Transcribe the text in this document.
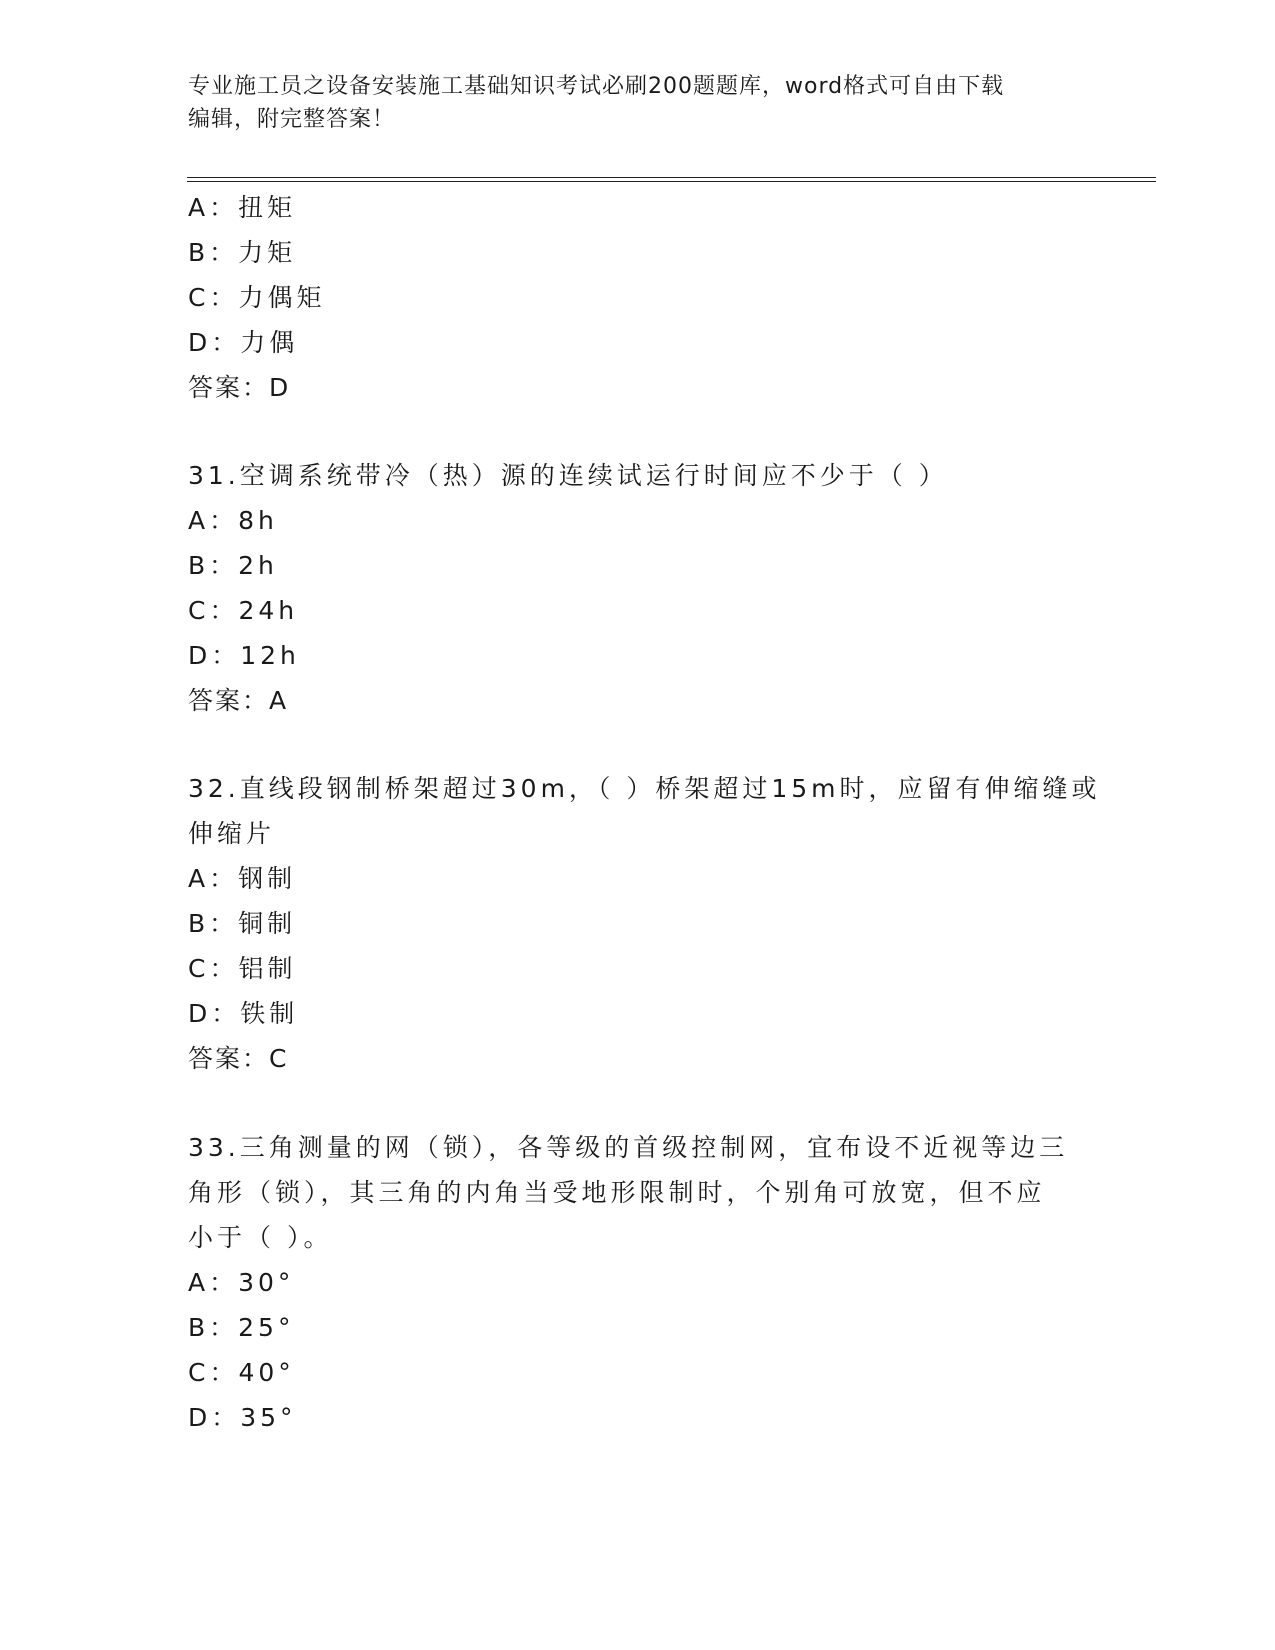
专业施工员之设备安装施工基础知识考试必刷200题题库，word格式可自由下载
编辑，附完整答案！
A：扭矩
B：力矩
C：力偶矩
D：力偶
答案：D
31.空调系统带冷（热）源的连续试运行时间应不少于（ ）
A：8h
B：2h
C：24h
D：12h
答案：A
32.直线段钢制桥架超过30m，（ ）桥架超过15m时，应留有伸缩缝或
伸缩片
A：钢制
B：铜制
C：铝制
D：铁制
答案：C
33.三角测量的网（锁），各等级的首级控制网，宜布设不近视等边三
角形（锁），其三角的内角当受地形限制时，个别角可放宽，但不应
小于（ ）。
A：30°
B：25°
C：40°
D：35°
